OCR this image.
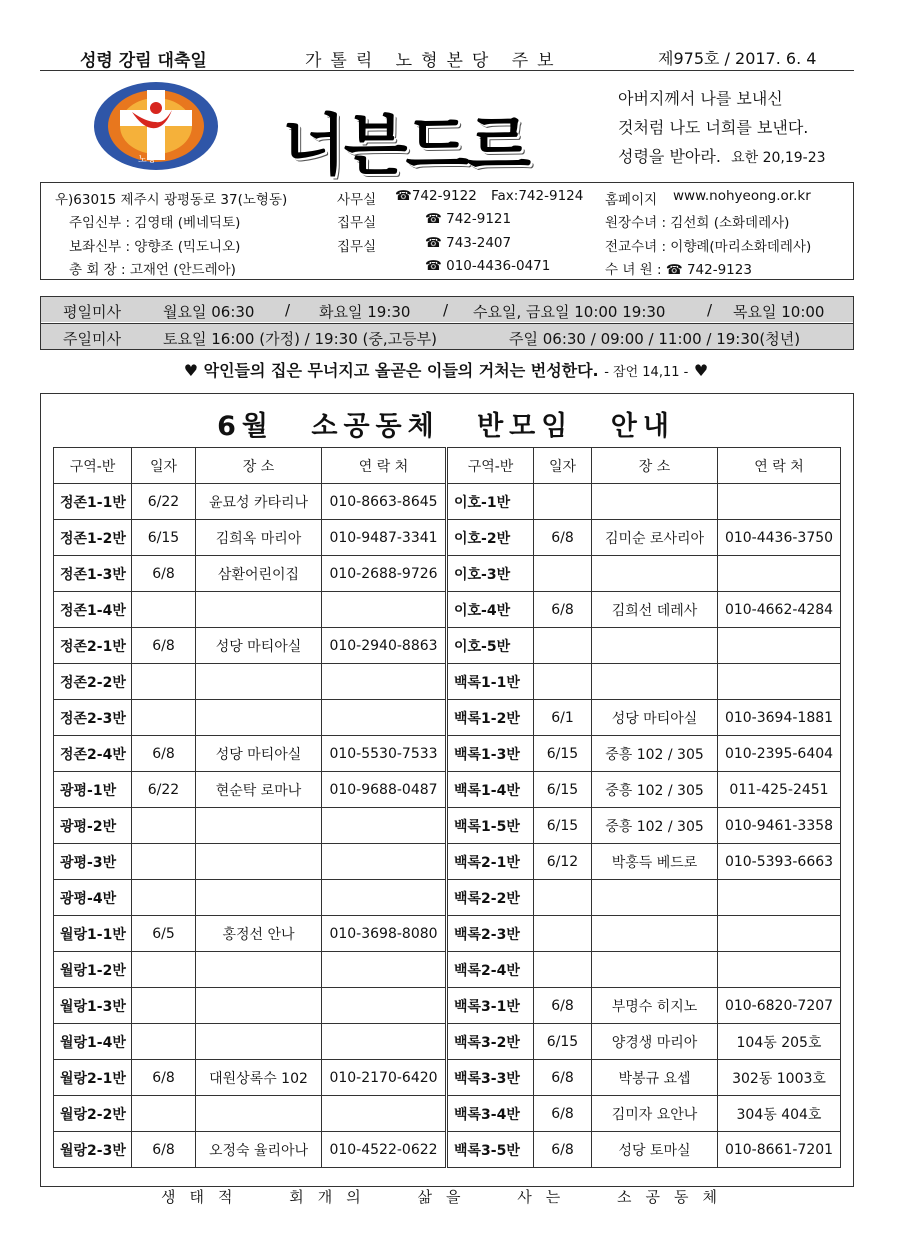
성령 강림 대축일	가톨릭 노형본당 주보	제975호 / 2017. 6. 4
노형 너븐드르
아버지께서 나를 보내신
것처럼 나도 너희를 보낸다.
성령을 받아라. 요한 20,19-23
우)63015 제주시 광평동로 37(노형동)	사무실 ☎742-9122 Fax:742-9124 홈페이지 www.nohyeong.or.kr
주임신부 : 김영태 (베네딕토)	집무실	☎ 742-9121	원장수녀 : 김선희 (소화데레사)
보좌신부 : 양향조 (믹도니오)	집무실	☎ 743-2407	전교수녀 : 이향례(마리소화데레사)
총 회 장 : 고재언 (안드레아)	☎ 010-4436-0471	수 녀 원 : ☎ 742-9123
평일미사	월요일 06:30 / 화요일 19:30 / 수요일, 금요일 10:00 19:30	/ 목요일 10:00
주일미사	토요일 16:00 (가정) / 19:30 (중,고등부)	주일 06:30 / 09:00 / 11:00 / 19:30(청년)
♥ 악인들의 집은 무너지고 올곧은 이들의 거처는 번성한다. - 잠언 14,11 - ♥
6월 소공동체 반모임 안내
구역-반	일자	장 소	연 락 처
정존1-1반	6/22	윤묘성 카타리나	010-8663-8645
정존1-2반	6/15	김희옥 마리아	010-9487-3341
정존1-3반	6/8	삼환어린이집	010-2688-9726
정존1-4반			
정존2-1반	6/8	성당 마티아실	010-2940-8863
정존2-2반			
정존2-3반			
정존2-4반	6/8	성당 마티아실	010-5530-7533
광평-1반	6/22	현순탁 로마나	010-9688-0487
광평-2반			
광평-3반			
광평-4반			
월랑1-1반	6/5	홍정선 안나	010-3698-8080
월랑1-2반			
월랑1-3반			
월랑1-4반			
월랑2-1반	6/8	대원상록수 102	010-2170-6420
월랑2-2반			
월랑2-3반	6/8	오정숙 율리아나	010-4522-0622
구역-반	일자	장 소	연 락 처
이호-1반			
이호-2반	6/8	김미순 로사리아	010-4436-3750
이호-3반			
이호-4반	6/8	김희선 데레사	010-4662-4284
이호-5반			
백록1-1반			
백록1-2반	6/1	성당 마티아실	010-3694-1881
백록1-3반	6/15	중흥 102 / 305	010-2395-6404
백록1-4반	6/15	중흥 102 / 305	011-425-2451
백록1-5반	6/15	중흥 102 / 305	010-9461-3358
백록2-1반	6/12	박홍득 베드로	010-5393-6663
백록2-2반			
백록2-3반			
백록2-4반			
백록3-1반	6/8	부명수 히지노	010-6820-7207
백록3-2반	6/15	양경생 마리아	104동 205호
백록3-3반	6/8	박봉규 요셉	302동 1003호
백록3-4반	6/8	김미자 요안나	304동 404호
백록3-5반	6/8	성당 토마실	010-8661-7201
생태적 회개의 삶을 사는 소공동체
